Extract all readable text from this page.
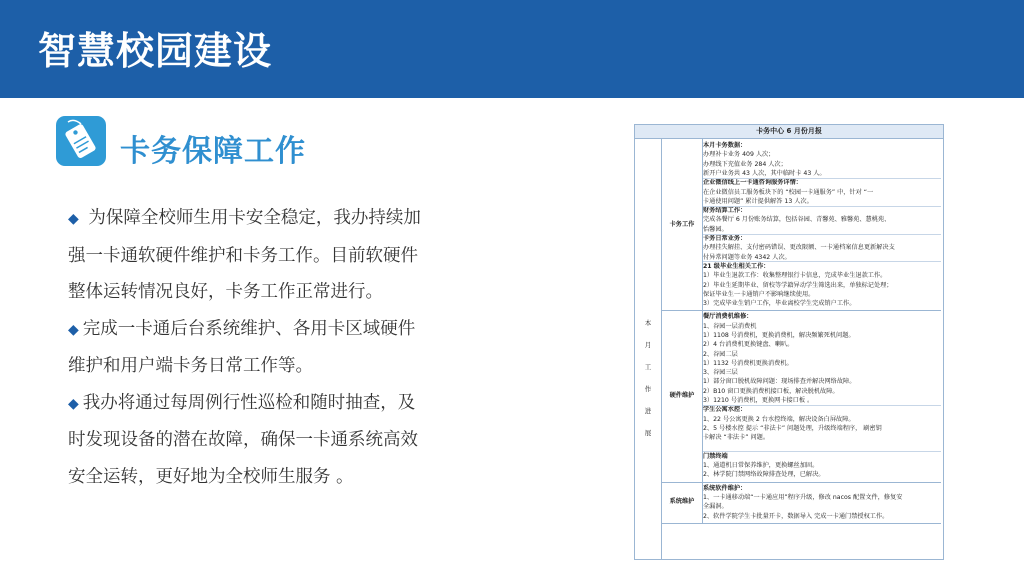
智慧校园建设
卡务保障工作

◆ 为保障全校师生用卡安全稳定，我办持续加
强一卡通软硬件维护和卡务工作。目前软硬件
整体运转情况良好，卡务工作正常进行。

◆ 完成一卡通后台系统维护、各用卡区域硬件
维护和用户端卡务日常工作等。

◆ 我办将通过每周例行性巡检和随时抽查，及
时发现设备的潜在故障，确保一卡通系统高效
安全运转，更好地为全校师生服务 。

卡务中心 6 月份月报
本
月
工
作
进
展
卡务工作
本月卡务数据：
办理补卡业务 409 人次；
办理线下充值业务 284 人次；
新开户业务共 43 人次，其中临时卡 43 人。
企业微信线上一卡通咨询服务详情：
在企业微信员工服务板块下的 “校园一卡通服务” 中，针对 “一
卡通使用问题” 累计提供解答 13 人次。
财务结算工作：
完成各餐厅 6 月份账务结算，包括谷园、青馨苑、雅馨苑、慧桃苑、
怡馨园。
卡务日常业务：
办理挂失解挂、支付密码错误、更改限额、一卡通档案信息更新解决支
付异常问题等业务 4342 人次。
21 级毕业生相关工作：
1）毕业生退款工作：收集整理银行卡信息，完成毕业生退款工作。
2）毕业生延期毕业、留校等学籍异动学生筛选出来，单独标记处理；
保证毕业生一卡通销户不影响继续使用。
3）完成毕业生销户工作，毕业离校学生完成销户工作。
硬件维护
餐厅消费机维修：
1、谷园一层消费机
1）1108 号消费机，更换消费机，解决频繁死机问题。
2）4 台消费机更换键盘、喇叭。
2、谷园二层
1）1132 号消费机更换消费机。
3、谷园三层
1）部分窗口脱机故障问题：现场排查并解决网络故障。
2）B10 窗口更换消费机接口板，解决脱机故障。
3）1210 号消费机，更换网卡接口板 。
学生公寓水控：
1、22 号公寓更换 2 台水控终端，解决设备白屏故障。
2、5 号楼水控 提示 “非法卡” 问题处理，升级终端程序， 刷密钥
卡解决 “非法卡” 问题。
门禁终端
1、通道机日常保养维护，更换螺丝加固。
2、林学院门禁网络故障排查处理，已解决。
系统维护
系统软件维护：
1、一卡通移动端“一卡通应用”程序升级，修改 nacos 配置文件，修复安
全漏洞。
2、软件学院学生卡批量开卡，数据导入 完成一卡通门禁授权工作。
